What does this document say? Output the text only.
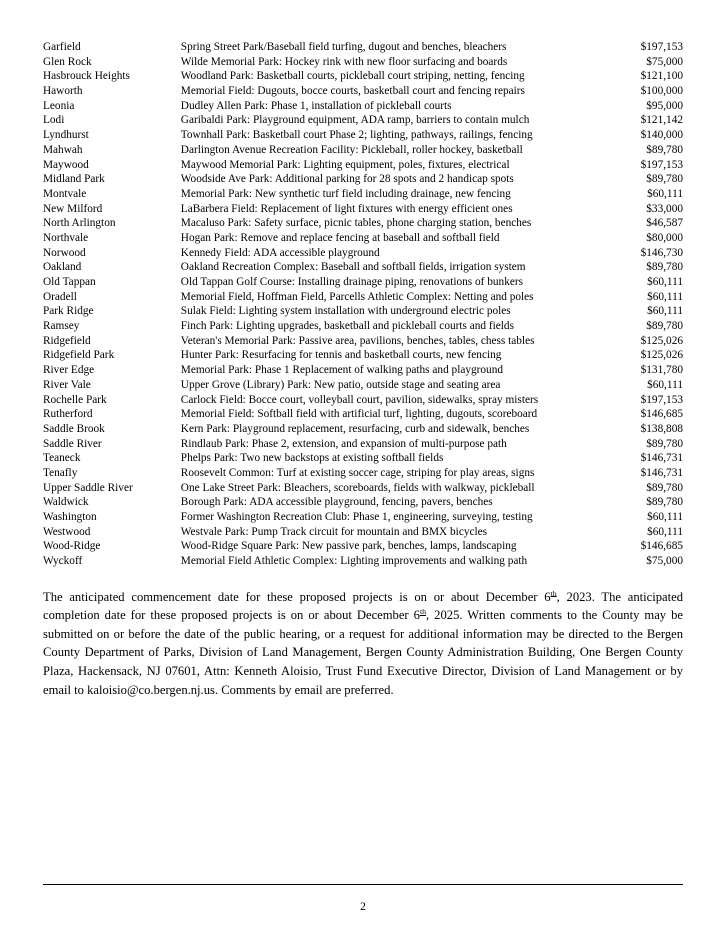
Garfield	Spring Street Park/Baseball field turfing, dugout and benches, bleachers	$197,153
Glen Rock	Wilde Memorial Park: Hockey rink with new floor surfacing and boards	$75,000
Hasbrouck Heights	Woodland Park: Basketball courts, pickleball court striping, netting, fencing	$121,100
Haworth	Memorial Field: Dugouts, bocce courts, basketball court and fencing repairs	$100,000
Leonia	Dudley Allen Park: Phase 1, installation of pickleball courts	$95,000
Lodi	Garibaldi Park: Playground equipment, ADA ramp, barriers to contain mulch	$121,142
Lyndhurst	Townhall Park: Basketball court Phase 2; lighting, pathways, railings, fencing	$140,000
Mahwah	Darlington Avenue Recreation Facility: Pickleball, roller hockey, basketball	$89,780
Maywood	Maywood Memorial Park: Lighting equipment, poles, fixtures, electrical	$197,153
Midland Park	Woodside Ave Park: Additional parking for 28 spots and 2 handicap spots	$89,780
Montvale	Memorial Park: New synthetic turf field including drainage, new fencing	$60,111
New Milford	LaBarbera Field: Replacement of light fixtures with energy efficient ones	$33,000
North Arlington	Macaluso Park: Safety surface, picnic tables, phone charging station, benches	$46,587
Northvale	Hogan Park: Remove and replace fencing at baseball and softball field	$80,000
Norwood	Kennedy Field: ADA accessible playground	$146,730
Oakland	Oakland Recreation Complex: Baseball and softball fields, irrigation system	$89,780
Old Tappan	Old Tappan Golf Course: Installing drainage piping, renovations of bunkers	$60,111
Oradell	Memorial Field, Hoffman Field, Parcells Athletic Complex: Netting and poles	$60,111
Park Ridge	Sulak Field: Lighting system installation with underground electric poles	$60,111
Ramsey	Finch Park: Lighting upgrades, basketball and pickleball courts and fields	$89,780
Ridgefield	Veteran's Memorial Park: Passive area, pavilions, benches, tables, chess tables	$125,026
Ridgefield Park	Hunter Park: Resurfacing for tennis and basketball courts, new fencing	$125,026
River Edge	Memorial Park: Phase 1 Replacement of walking paths and playground	$131,780
River Vale	Upper Grove (Library) Park: New patio, outside stage and seating area	$60,111
Rochelle Park	Carlock Field: Bocce court, volleyball court, pavilion, sidewalks, spray misters	$197,153
Rutherford	Memorial Field: Softball field with artificial turf, lighting, dugouts, scoreboard	$146,685
Saddle Brook	Kern Park: Playground replacement, resurfacing, curb and sidewalk, benches	$138,808
Saddle River	Rindlaub Park: Phase 2, extension, and expansion of multi-purpose path	$89,780
Teaneck	Phelps Park: Two new backstops at existing softball fields	$146,731
Tenafly	Roosevelt Common: Turf at existing soccer cage, striping for play areas, signs	$146,731
Upper Saddle River	One Lake Street Park: Bleachers, scoreboards, fields with walkway, pickleball	$89,780
Waldwick	Borough Park: ADA accessible playground, fencing, pavers, benches	$89,780
Washington	Former Washington Recreation Club: Phase 1, engineering, surveying, testing	$60,111
Westwood	Westvale Park: Pump Track circuit for mountain and BMX bicycles	$60,111
Wood-Ridge	Wood-Ridge Square Park: New passive park, benches, lamps, landscaping	$146,685
Wyckoff	Memorial Field Athletic Complex: Lighting improvements and walking path	$75,000

The anticipated commencement date for these proposed projects is on or about December 6th, 2023. The anticipated completion date for these proposed projects is on or about December 6th, 2025. Written comments to the County may be submitted on or before the date of the public hearing, or a request for additional information may be directed to the Bergen County Department of Parks, Division of Land Management, Bergen County Administration Building, One Bergen County Plaza, Hackensack, NJ 07601, Attn: Kenneth Aloisio, Trust Fund Executive Director, Division of Land Management or by email to kaloisio@co.bergen.nj.us. Comments by email are preferred.

2
